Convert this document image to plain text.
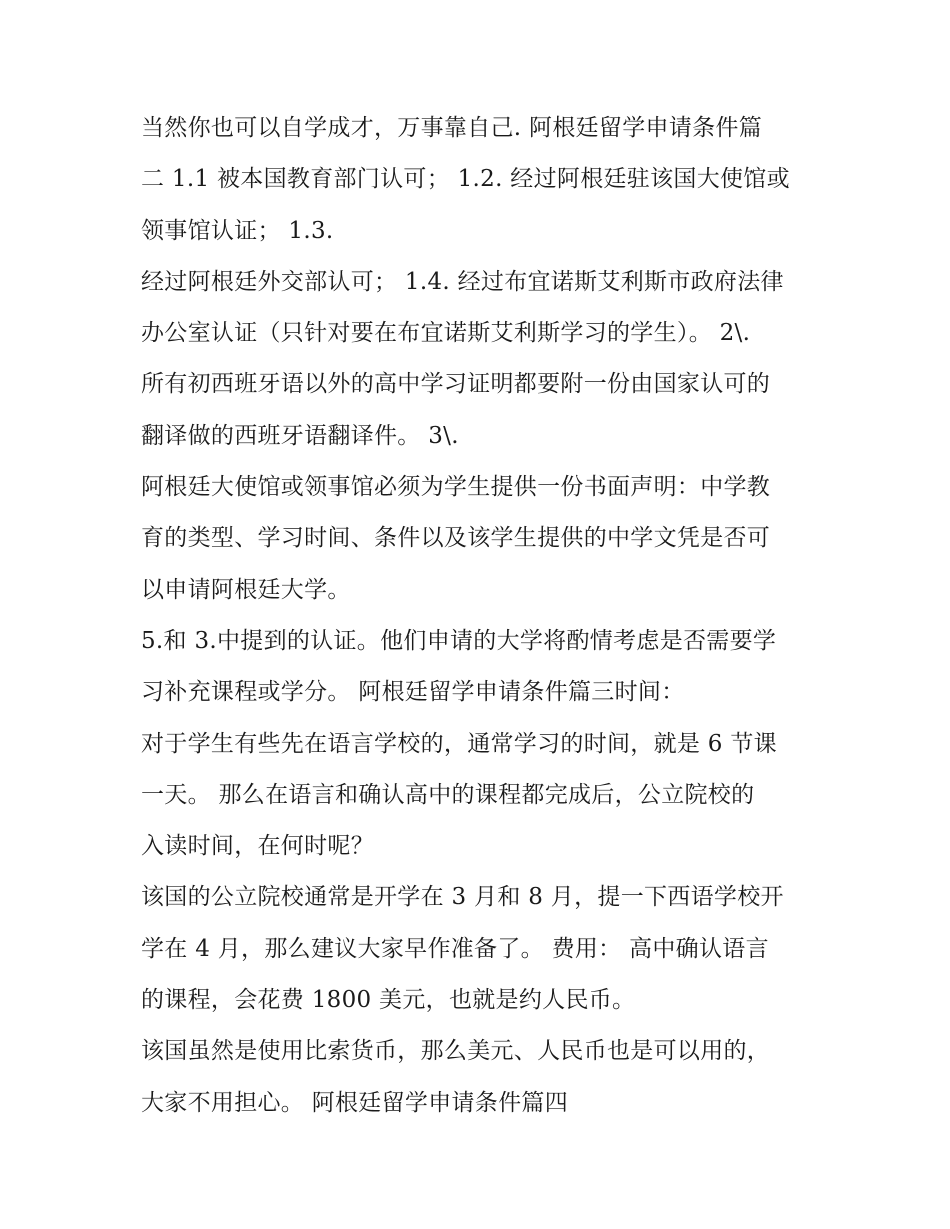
当然你也可以自学成才，万事靠自己. 阿根廷留学申请条件篇
二 1.1 被本国教育部门认可； 1.2. 经过阿根廷驻该国大使馆或
领事馆认证； 1.3.
经过阿根廷外交部认可； 1.4. 经过布宜诺斯艾利斯市政府法律
办公室认证（只针对要在布宜诺斯艾利斯学习的学生）。 2\.
所有初西班牙语以外的高中学习证明都要附一份由国家认可的
翻译做的西班牙语翻译件。 3\.
阿根廷大使馆或领事馆必须为学生提供一份书面声明：中学教
育的类型、学习时间、条件以及该学生提供的中学文凭是否可
以申请阿根廷大学。
5.和 3.中提到的认证。他们申请的大学将酌情考虑是否需要学
习补充课程或学分。 阿根廷留学申请条件篇三时间：
对于学生有些先在语言学校的，通常学习的时间，就是 6 节课
一天。 那么在语言和确认高中的课程都完成后，公立院校的
入读时间，在何时呢？
该国的公立院校通常是开学在 3 月和 8 月，提一下西语学校开
学在 4 月，那么建议大家早作准备了。 费用： 高中确认语言
的课程，会花费 1800 美元，也就是约人民币。
该国虽然是使用比索货币，那么美元、人民币也是可以用的，
大家不用担心。 阿根廷留学申请条件篇四
